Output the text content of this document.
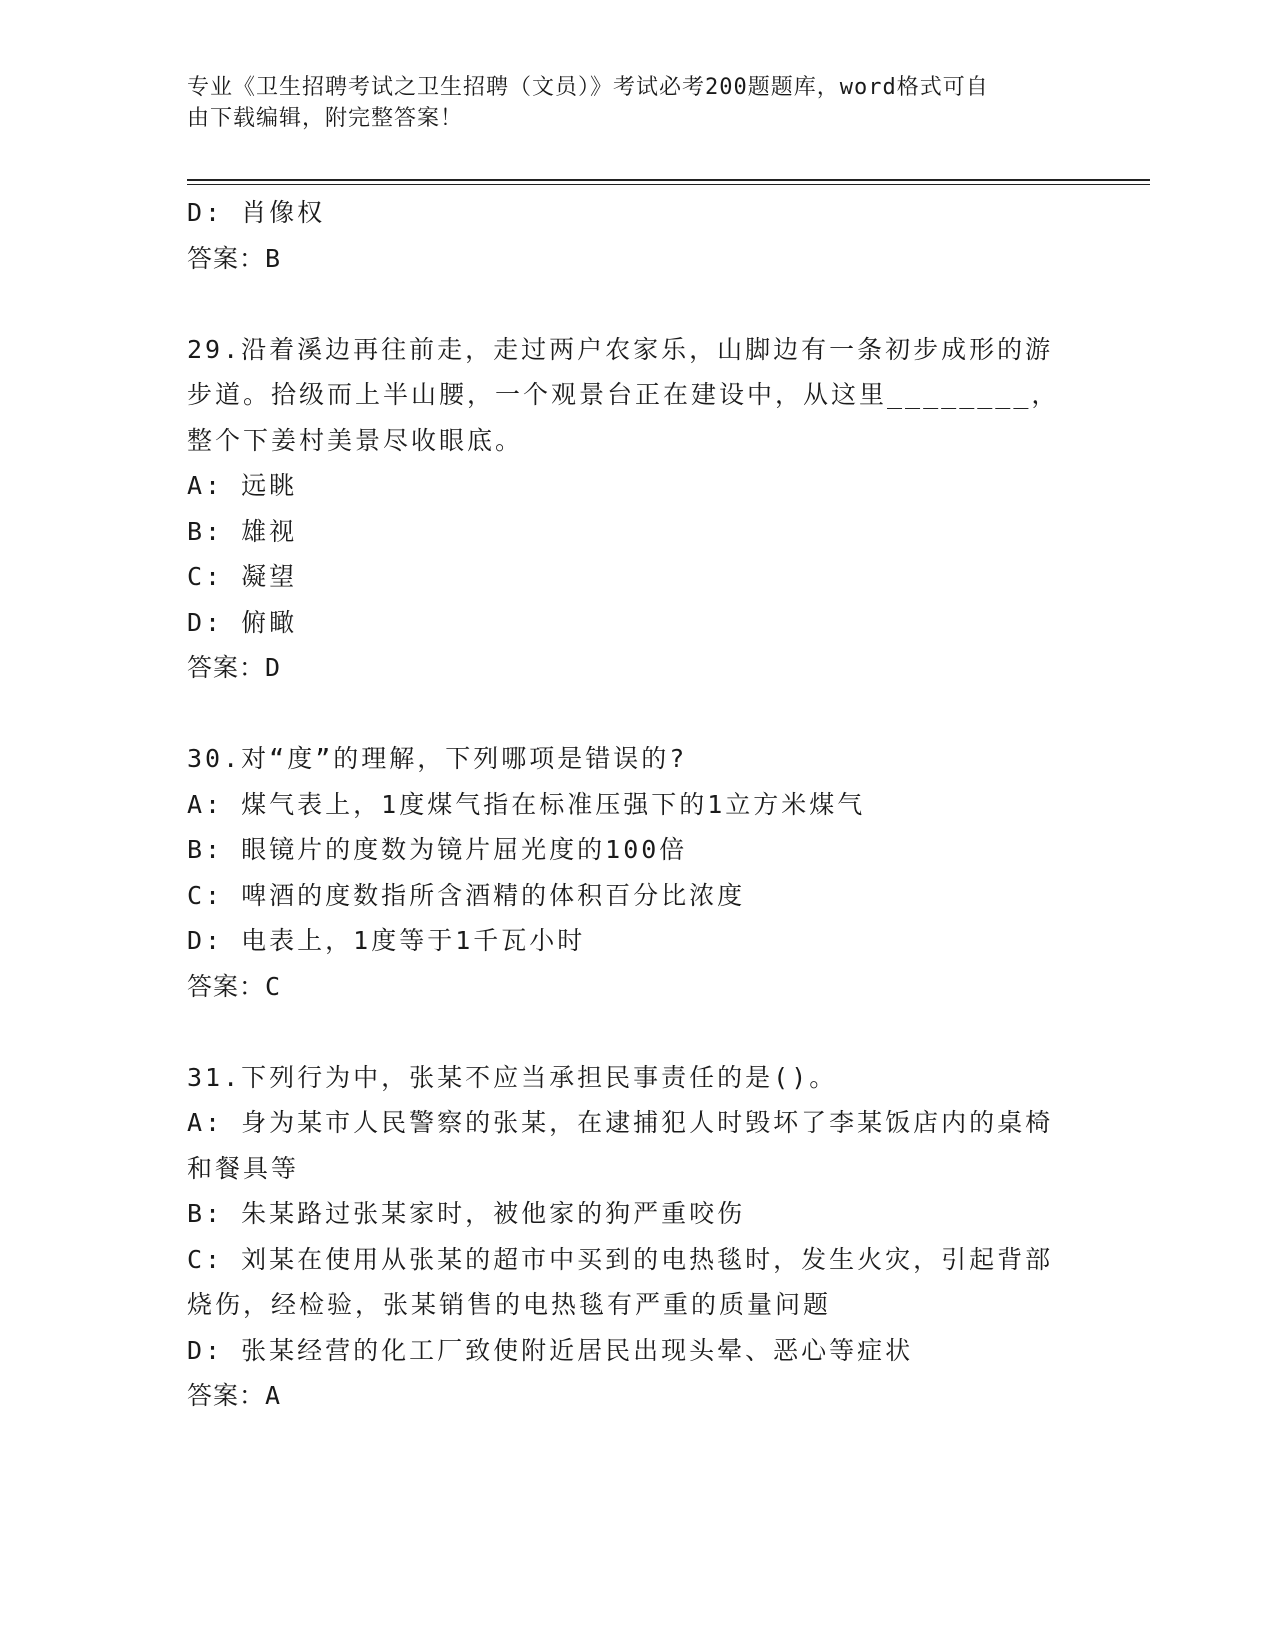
专业《卫生招聘考试之卫生招聘（文员）》考试必考200题题库，word格式可自
由下载编辑，附完整答案！
D: 肖像权
答案：B
29.沿着溪边再往前走，走过两户农家乐，山脚边有一条初步成形的游
步道。拾级而上半山腰，一个观景台正在建设中，从这里________，
整个下姜村美景尽收眼底。
A: 远眺
B: 雄视
C: 凝望
D: 俯瞰
答案：D
30.对“度”的理解，下列哪项是错误的?
A: 煤气表上，1度煤气指在标准压强下的1立方米煤气
B: 眼镜片的度数为镜片屈光度的100倍
C: 啤酒的度数指所含酒精的体积百分比浓度
D: 电表上，1度等于1千瓦小时
答案：C
31.下列行为中，张某不应当承担民事责任的是()。
A: 身为某市人民警察的张某，在逮捕犯人时毁坏了李某饭店内的桌椅
和餐具等
B: 朱某路过张某家时，被他家的狗严重咬伤
C: 刘某在使用从张某的超市中买到的电热毯时，发生火灾，引起背部
烧伤，经检验，张某销售的电热毯有严重的质量问题
D: 张某经营的化工厂致使附近居民出现头晕、恶心等症状
答案：A
